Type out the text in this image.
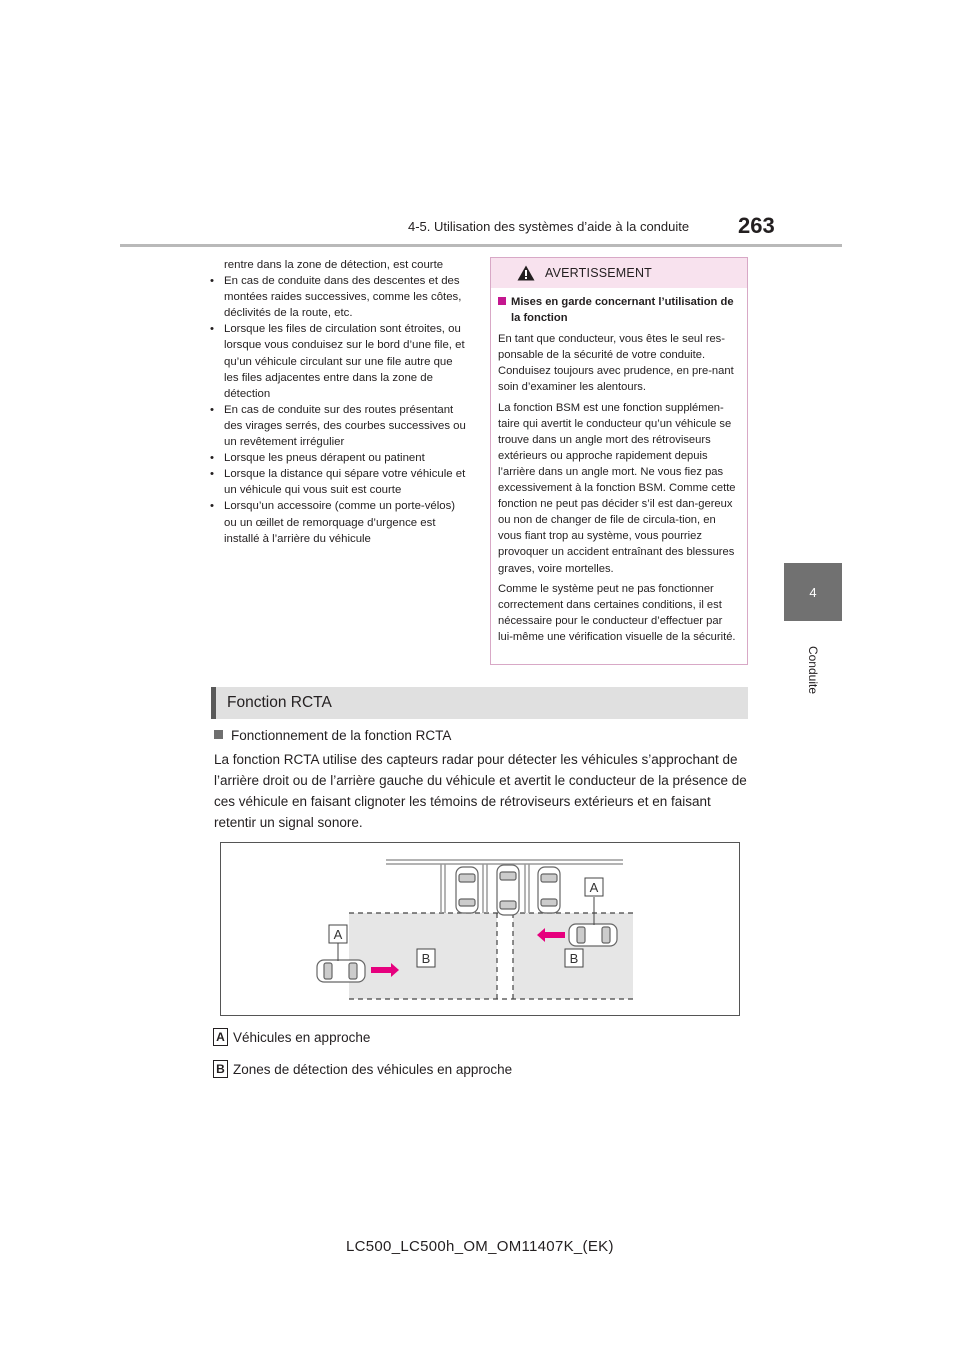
4-5. Utilisation des systèmes d’aide à la conduite 263
4
Conduite
rentre dans la zone de détection, est courte
• En cas de conduite dans des descentes et des montées raides successives, comme les côtes, déclivités de la route, etc.
• Lorsque les files de circulation sont étroites, ou lorsque vous conduisez sur le bord d’une file, et qu’un véhicule circulant sur une file autre que les files adjacentes entre dans la zone de détection
• En cas de conduite sur des routes présentant des virages serrés, des courbes successives ou un revêtement irrégulier
• Lorsque les pneus dérapent ou patinent
• Lorsque la distance qui sépare votre véhicule et un véhicule qui vous suit est courte
• Lorsqu’un accessoire (comme un porte-vélos) ou un œillet de remorquage d’urgence est installé à l’arrière du véhicule
AVERTISSEMENT
Mises en garde concernant l’utilisation de la fonction

En tant que conducteur, vous êtes le seul res-ponsable de la sécurité de votre conduite. Conduisez toujours avec prudence, en pre-nant soin d’examiner les alentours.

La fonction BSM est une fonction supplémen-taire qui avertit le conducteur qu’un véhicule se trouve dans un angle mort des rétroviseurs extérieurs ou approche rapidement depuis l’arrière dans un angle mort. Ne vous fiez pas excessivement à la fonction BSM. Comme cette fonction ne peut pas décider s’il est dan-gereux ou non de changer de file de circula-tion, en vous fiant trop au système, vous pourriez provoquer un accident entraînant des blessures graves, voire mortelles.

Comme le système peut ne pas fonctionner correctement dans certaines conditions, il est nécessaire pour le conducteur d’effectuer par lui-même une vérification visuelle de la sécurité.

Fonction RCTA
Fonctionnement de la fonction RCTA

La fonction RCTA utilise des capteurs radar pour détecter les véhicules s’approchant de l’arrière droit ou de l’arrière gauche du véhicule et avertit le conducteur de la présence de ces véhicule en faisant clignoter les témoins de rétroviseurs extérieurs et en faisant retentir un signal sonore.

A
A
B	B
A Véhicules en approche
B Zones de détection des véhicules en approche
LC500_LC500h_OM_OM11407K_(EK)
